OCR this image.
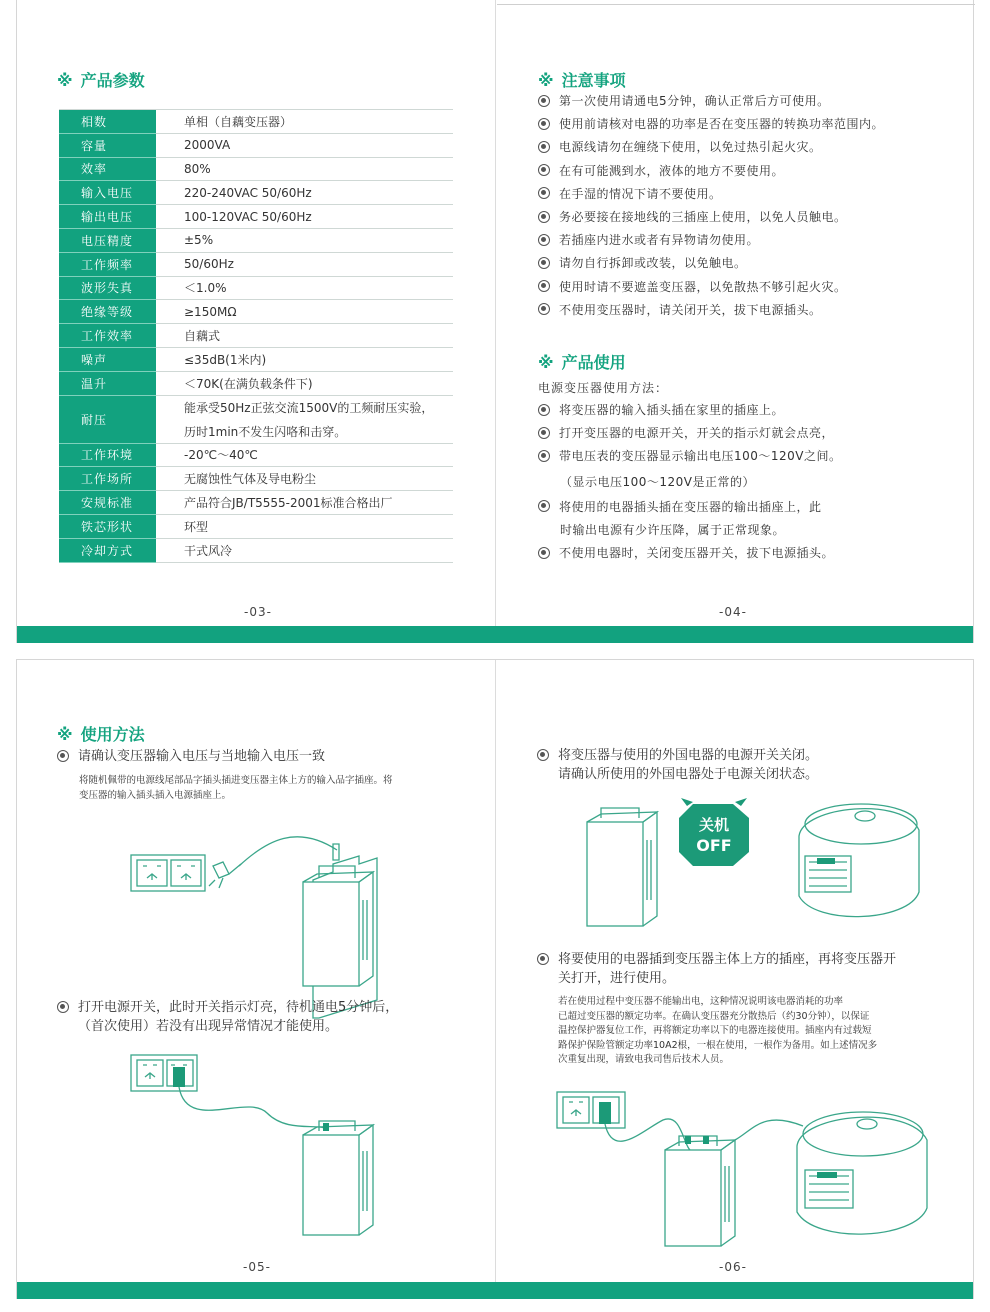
※ 产品参数
相数	单相（自藕变压器）
容量	2000VA
效率	80%
输入电压	220-240VAC 50/60Hz
输出电压	100-120VAC 50/60Hz
电压精度	±5%
工作频率	50/60Hz
波形失真	＜1.0%
绝缘等级	≥150MΩ
工作效率	自藕式
噪声	≤35dB(1米内)
温升	＜70K(在满负载条件下)
耐压	能承受50Hz正弦交流1500V的工频耐压实验，
历时1min不发生闪咯和击穿。

工作环境	-20℃～40℃
工作场所	无腐蚀性气体及导电粉尘
安规标准	产品符合JB/T5555-2001标准合格出厂
铁芯形状	环型
冷却方式	干式风冷
-03-
※ 注意事项
第一次使用请通电5分钟，确认正常后方可使用。
使用前请核对电器的功率是否在变压器的转换功率范围内。
电源线请勿在缠绕下使用，以免过热引起火灾。
在有可能溅到水，液体的地方不要使用。
在手湿的情况下请不要使用。
务必要接在接地线的三插座上使用，以免人员触电。
若插座内进水或者有异物请勿使用。
请勿自行拆卸或改装，以免触电。
使用时请不要遮盖变压器，以免散热不够引起火灾。
不使用变压器时，请关闭开关，拔下电源插头。
※ 产品使用
电源变压器使用方法：
将变压器的输入插头插在家里的插座上。
打开变压器的电源开关，开关的指示灯就会点亮，
带电压表的变压器显示输出电压100～120V之间。
（显示电压100～120V是正常的）
将使用的电器插头插在变压器的输出插座上，此
时输出电源有少许压降，属于正常现象。
不使用电器时，关闭变压器开关，拔下电源插头。
-04-
※ 使用方法
请确认变压器输入电压与当地输入电压一致
将随机佩带的电源线尾部品字插头插进变压器主体上方的输入品字插座。将
变压器的输入插头插入电源插座上。
打开电源开关，此时开关指示灯亮，待机通电5分钟后，
（首次使用）若没有出现异常情况才能使用。
-05-
将变压器与使用的外国电器的电源开关关闭。
请确认所使用的外国电器处于电源关闭状态。
关机
OFF
将要使用的电器插到变压器主体上方的插座，再将变压器开
关打开，进行使用。
若在使用过程中变压器不能输出电，这种情况说明该电器消耗的功率
已超过变压器的额定功率。在确认变压器充分散热后（约30分钟），以保证
温控保护器复位工作，再将额定功率以下的电器连接使用。插座内有过载短
路保护保险管额定功率10A2根，一根在使用，一根作为备用。如上述情况多
次重复出现，请致电我司售后技术人员。
-06-
